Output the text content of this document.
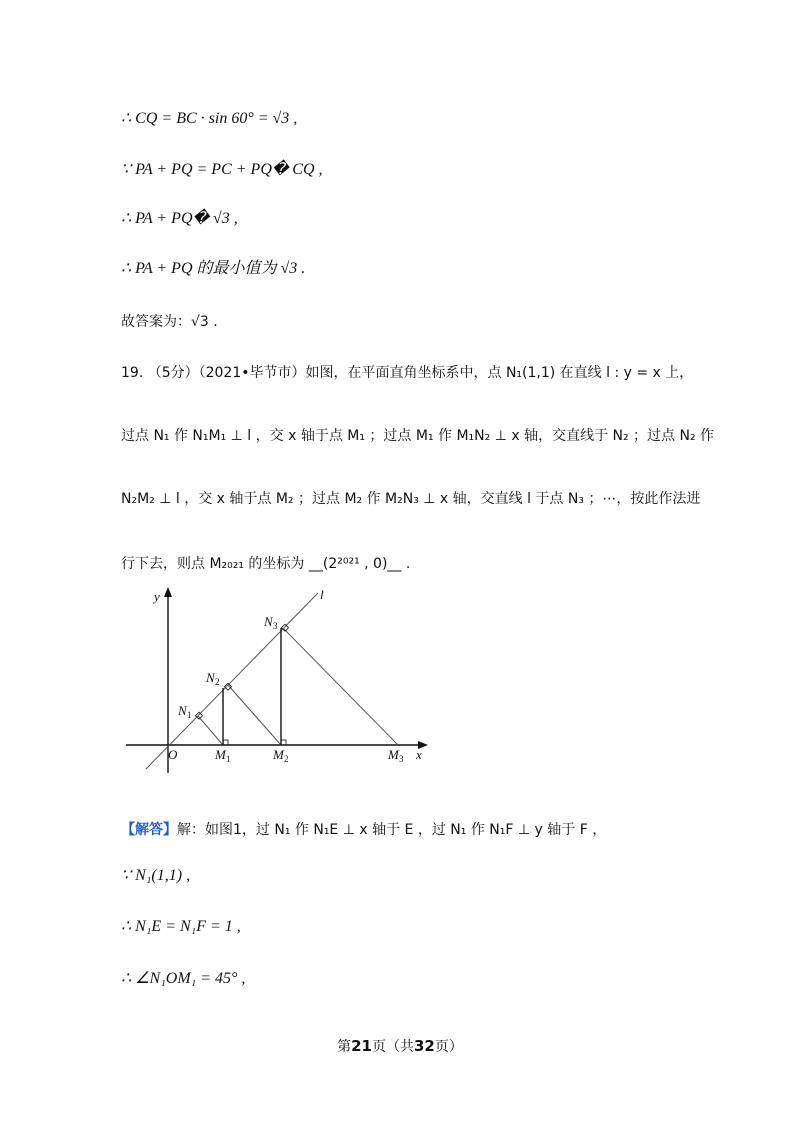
∴ CQ = BC · sin 60° = √3 ,
∵ PA + PQ = PC + PQ� CQ ,
∴ PA + PQ� √3 ,
∴ PA + PQ 的最小值为 √3 .
故答案为：√3 .
19. （5分）（2021•毕节市）如图，在平面直角坐标系中，点 N₁(1,1) 在直线 l : y = x 上，
过点 N₁ 作 N₁M₁ ⊥ l ，交 x 轴于点 M₁ ；过点 M₁ 作 M₁N₂ ⊥ x 轴，交直线于 N₂ ；过点 N₂ 作
N₂M₂ ⊥ l ，交 x 轴于点 M₂ ；过点 M₂ 作 M₂N₃ ⊥ x 轴，交直线 l 于点 N₃ ；⋯，按此作法进
行下去，则点 M₂₀₂₁ 的坐标为 __(2²⁰²¹ , 0)__ .
y
x
l
O
N 1
N 2
N 3
M 1	M 2	M 3
【解答】解：如图1，过 N₁ 作 N₁E ⊥ x 轴于 E ，过 N₁ 作 N₁F ⊥ y 轴于 F ，
∵ N₁(1,1) ,
∴ N₁E = N₁F = 1 ,
∴ ∠N₁OM₁ = 45° ,
第21页（共32页）
